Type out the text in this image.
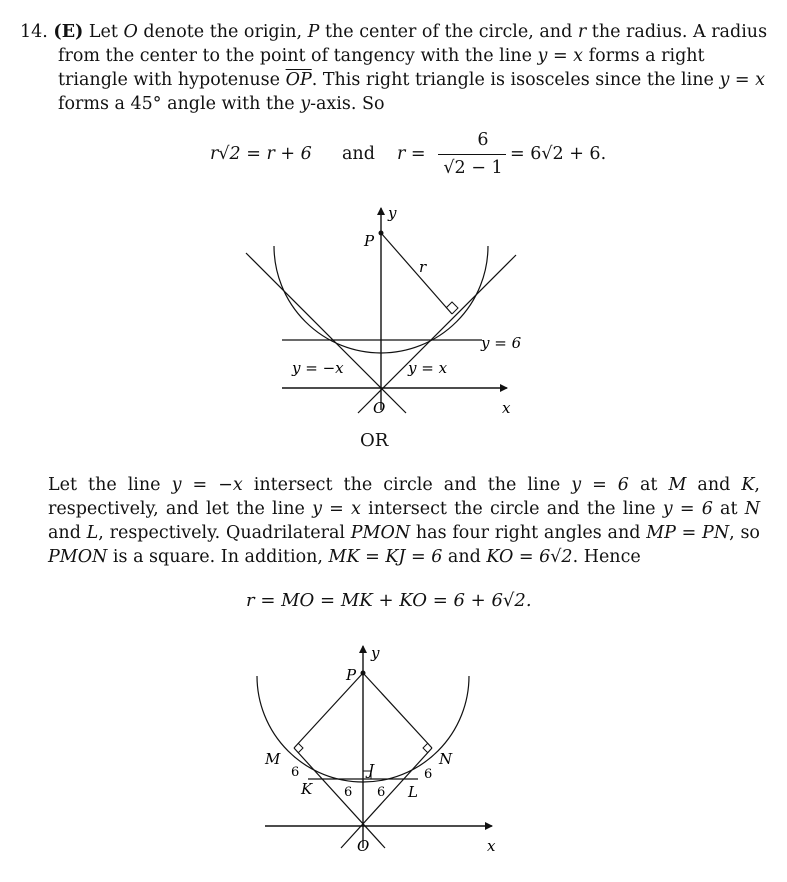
14. (E) Let O denote the origin, P the center of the circle, and r the radius. A radius from the center to the point of tangency with the line y = x forms a right triangle with hypotenuse $\overline{OP}$. This right triangle is isosceles since the line y = x forms a 45° angle with the y-axis. So
r√2 = r + 6 and r =
6
√2 − 1
= 6√2 + 6.
y
P
r
y = 6
y = −x	y = x
O	x
OR
Let the line y = −x intersect the circle and the line y = 6 at M and K, respectively, and let the line y = x intersect the circle and the line y = 6 at N and L, respectively. Quadrilateral PMON has four right angles and MP = PN, so PMON is a square. In addition, MK = KJ = 6 and KO = 6√2. Hence
r = MO = MK + KO = 6 + 6√2.
y
P
M	N
J
K	L
6
6 6
6
O	x
